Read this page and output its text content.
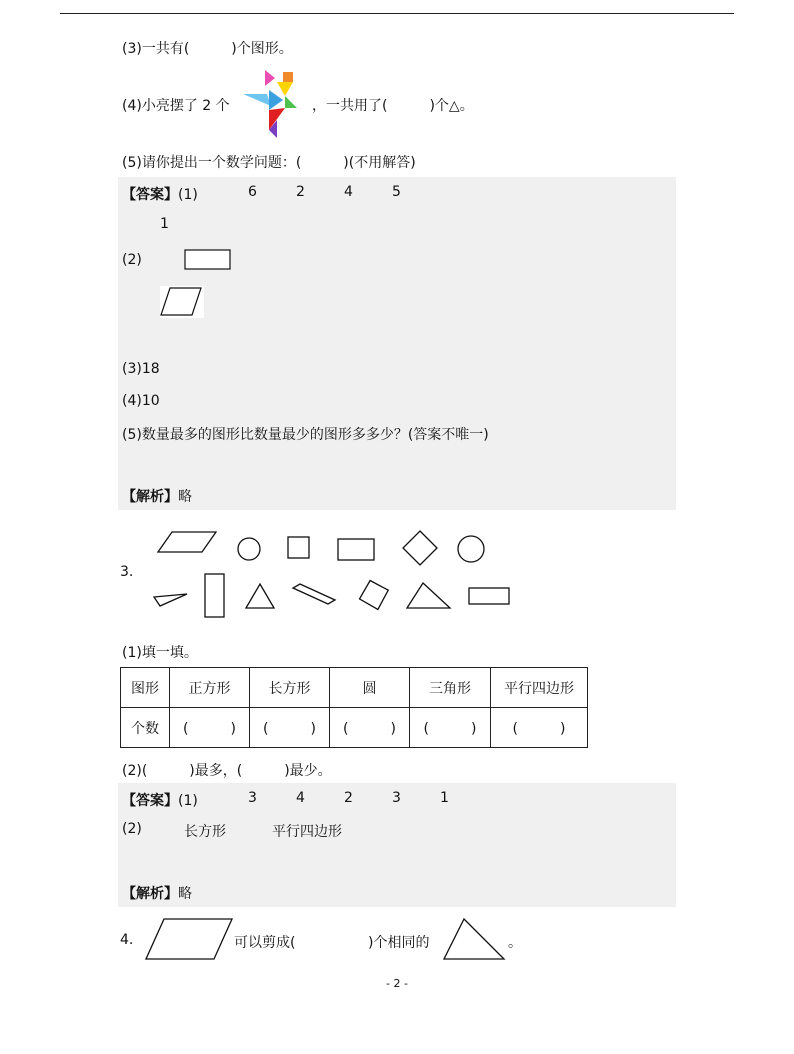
(3)一共有(　　　)个图形。
(4)小亮摆了 2 个	，一共用了(　　　)个△。
(5)请你提出一个数学问题：(　　　)(不用解答)
【答案】(1)	6	2	4	5
1
(2)
(3)18
(4)10
(5)数量最多的图形比数量最少的图形多多少？(答案不唯一)
【解析】略
3.
(1)填一填。
图形	正方形	长方形	圆	三角形	平行四边形
个数	(　　　)	(　　　)	(　　　)	(　　　)	(　　　)
(2)(　　　)最多，(　　　)最少。
【答案】(1)	3	4	2	3	1
(2)	长方形	平行四边形
【解析】略
4.	可以剪成(	)个相同的	。
- 2 -
